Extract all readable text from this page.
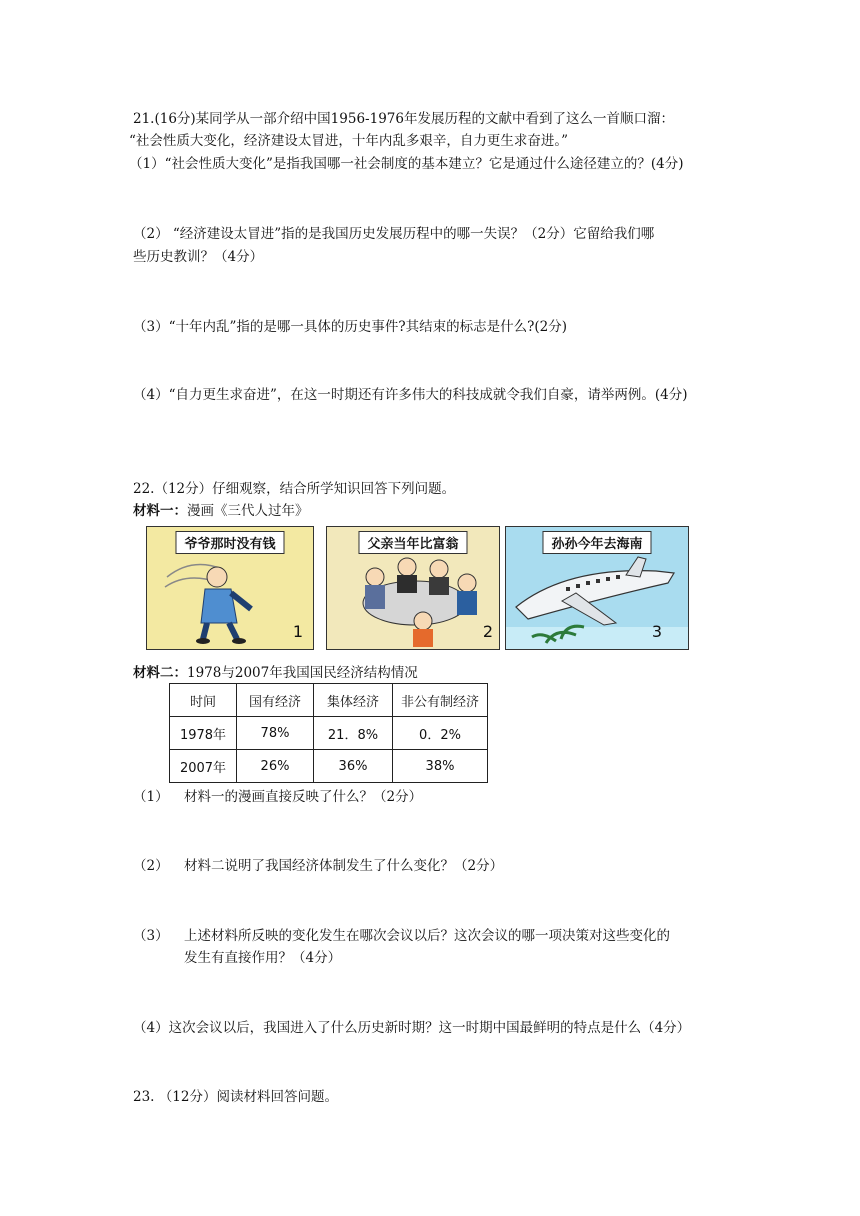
21.(16分)某同学从一部介绍中国1956-1976年发展历程的文献中看到了这么一首顺口溜：
“社会性质大变化，经济建设太冒进，十年内乱多艰辛，自力更生求奋进。”
（1）“社会性质大变化”是指我国哪一社会制度的基本建立？它是通过什么途径建立的？(4分)
（2） “经济建设太冒进”指的是我国历史发展历程中的哪一失误？（2分）它留给我们哪
些历史教训？（4分）
（3）“十年内乱”指的是哪一具体的历史事件?其结束的标志是什么?(2分)
（4）“自力更生求奋进”，在这一时期还有许多伟大的科技成就令我们自豪，请举两例。(4分)
22.（12分）仔细观察，结合所学知识回答下列问题。
材料一：漫画《三代人过年》
爷爷那时没有钱
1
父亲当年比富翁
2
孙孙今年去海南
3
材料二：1978与2007年我国国民经济结构情况
时间	国有经济	集体经济	非公有制经济
1978年	78%	21．8%	0．2%
2007年	26%	36%	38%
（1） 材料一的漫画直接反映了什么？（2分）
（2） 材料二说明了我国经济体制发生了什么变化？（2分）
（3） 上述材料所反映的变化发生在哪次会议以后？这次会议的哪一项决策对这些变化的
发生有直接作用？（4分）
（4）这次会议以后，我国进入了什么历史新时期？这一时期中国最鲜明的特点是什么（4分）
23. （12分）阅读材料回答问题。
